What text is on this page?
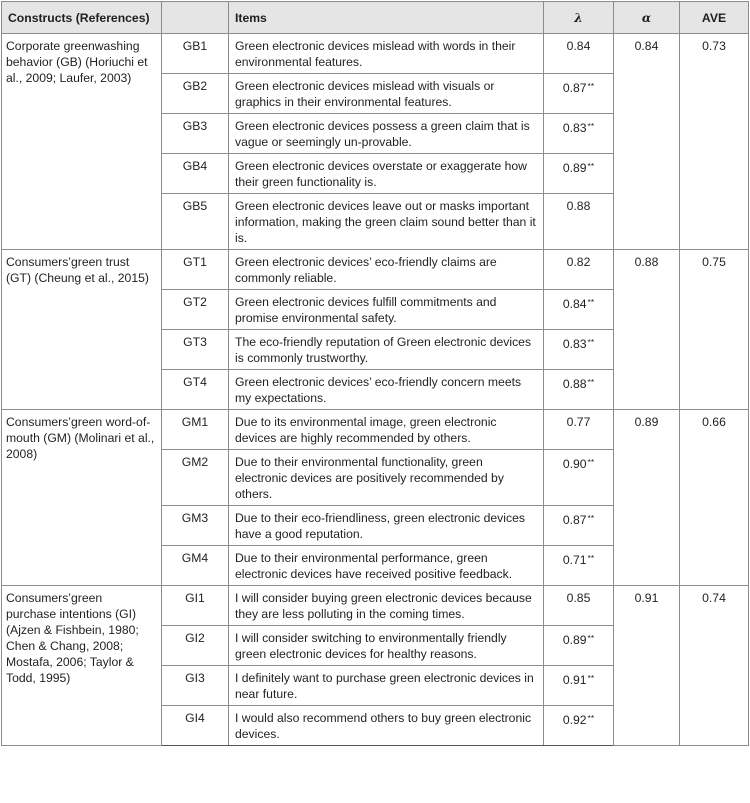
Constructs (References)		Items	λ	α	AVE
Corporate greenwashing behavior (GB) (Horiuchi et al., 2009; Laufer, 2003)	GB1	Green electronic devices mislead with words in their environmental features.	0.84	0.84	0.73
	GB2	Green electronic devices mislead with visuals or graphics in their environmental features.	0.87**
	GB3	Green electronic devices possess a green claim that is vague or seemingly un-provable.	0.83**
	GB4	Green electronic devices overstate or exaggerate how their green functionality is.	0.89**
	GB5	Green electronic devices leave out or masks important information, making the green claim sound better than it is.	0.88		
Consumers’green trust (GT) (Cheung et al., 2015)	GT1	Green electronic devices’ eco-friendly claims are commonly reliable.	0.82	0.88	0.75
	GT2	Green electronic devices fulfill commitments and promise environmental safety.	0.84**
	GT3	The eco-friendly reputation of Green electronic devices is commonly trustworthy.	0.83**
	GT4	Green electronic devices’ eco-friendly concern meets my expectations.	0.88**
Consumers’green word-of-mouth (GM) (Molinari et al., 2008)	GM1	Due to its environmental image, green electronic devices are highly recommended by others.	0.77	0.89	0.66
	GM2	Due to their environmental functionality, green electronic devices are positively recommended by others.	0.90**
	GM3	Due to their eco-friendliness, green electronic devices have a good reputation.	0.87**
	GM4	Due to their environmental performance, green electronic devices have received positive feedback.	0.71**
Consumers’green purchase intentions (GI) (Ajzen & Fishbein, 1980; Chen & Chang, 2008; Mostafa, 2006; Taylor & Todd, 1995)	GI1	I will consider buying green electronic devices because they are less polluting in the coming times.	0.85	0.91	0.74
	GI2	I will consider switching to environmentally friendly green electronic devices for healthy reasons.	0.89**
	GI3	I definitely want to purchase green electronic devices in near future.	0.91**
	GI4	I would also recommend others to buy green electronic devices.	0.92**
